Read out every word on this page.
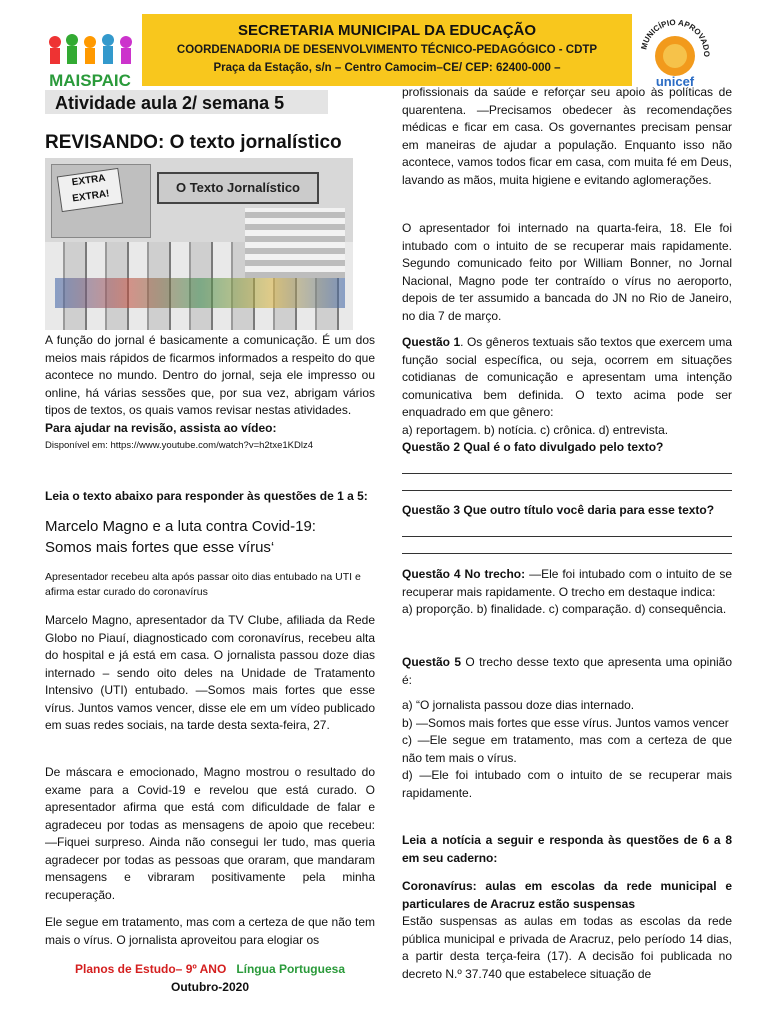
SECRETARIA MUNICIPAL DA EDUCAÇÃO
COORDENADORIA DE DESENVOLVIMENTO TÉCNICO-PEDAGÓGICO - CDTP
Praça da Estação, s/n – Centro Camocim–CE/ CEP: 62400-000 –
MAISPAIC
MUNICÍPIO APROVADO
unicef
Atividade aula 2/ semana 5
REVISANDO: O texto jornalístico
EXTRA EXTRA!
O Texto Jornalístico

A função do jornal é basicamente a comunicação. É um dos meios mais rápidos de ficarmos informados a respeito do que acontece no mundo. Dentro do jornal, seja ele impresso ou online, há várias sessões que, por sua vez, abrigam vários tipos de textos, os quais vamos revisar nestas atividades.

Para ajudar na revisão, assista ao vídeo:

Disponível em: https://www.youtube.com/watch?v=h2txe1KDlz4

Leia o texto abaixo para responder às questões de 1 a 5:

Marcelo Magno e a luta contra Covid-19:

Somos mais fortes que esse vírus‘

Apresentador recebeu alta após passar oito dias entubado na UTI e afirma estar curado do coronavírus
Marcelo Magno, apresentador da TV Clube, afiliada da Rede Globo no Piauí, diagnosticado com coronavírus, recebeu alta do hospital e já está em casa. O jornalista passou doze dias internado – sendo oito deles na Unidade de Tratamento Intensivo (UTI) entubado. ―Somos mais fortes que esse vírus. Juntos vamos vencer, disse ele em um vídeo publicado em suas redes sociais, na tarde desta sexta-feira, 27.
De máscara e emocionado, Magno mostrou o resultado do exame para a Covid-19 e revelou que está curado. O apresentador afirma que está com dificuldade de falar e agradeceu por todas as mensagens de apoio que recebeu: ―Fiquei surpreso. Ainda não consegui ler tudo, mas queria agradecer por todas as pessoas que oraram, que mandaram mensagens e vibraram positivamente pela minha recuperação.
Ele segue em tratamento, mas com a certeza de que não tem mais o vírus. O jornalista aproveitou para elogiar os
Planos de Estudo– 9º ANO Língua Portuguesa
Outubro-2020
profissionais da saúde e reforçar seu apoio às políticas de quarentena. ―Precisamos obedecer às recomendações médicas e ficar em casa. Os governantes precisam pensar em maneiras de ajudar a população. Enquanto isso não acontece, vamos todos ficar em casa, com muita fé em Deus, lavando as mãos, muita higiene e evitando aglomerações.
O apresentador foi internado na quarta-feira, 18. Ele foi intubado com o intuito de se recuperar mais rapidamente. Segundo comunicado feito por William Bonner, no Jornal Nacional, Magno pode ter contraído o vírus no aeroporto, depois de ter assumido a bancada do JN no Rio de Janeiro, no dia 7 de março.

Questão 1. Os gêneros textuais são textos que exercem uma função social específica, ou seja, ocorrem em situações cotidianas de comunicação e apresentam uma intenção comunicativa bem definida. O texto acima pode ser enquadrado em que gênero:

a) reportagem. b) notícia. c) crônica. d) entrevista.

Questão 2 Qual é o fato divulgado pelo texto?

Questão 3 Que outro título você daria para esse texto?

Questão 4 No trecho: ―Ele foi intubado com o intuito de se recuperar mais rapidamente. O trecho em destaque indica:

a) proporção. b) finalidade. c) comparação. d) consequência.

Questão 5 O trecho desse texto que apresenta uma opinião é:

a) “O jornalista passou doze dias internado.

b) ―Somos mais fortes que esse vírus. Juntos vamos vencer

c) ―Ele segue em tratamento, mas com a certeza de que não tem mais o vírus.

d) ―Ele foi intubado com o intuito de se recuperar mais rapidamente.

Leia a notícia a seguir e responda às questões de 6 a 8 em seu caderno:

Coronavírus: aulas em escolas da rede municipal e particulares de Aracruz estão suspensas

Estão suspensas as aulas em todas as escolas da rede pública municipal e privada de Aracruz, pelo período 14 dias, a partir desta terça-feira (17). A decisão foi publicada no decreto N.º 37.740 que estabelece situação de
